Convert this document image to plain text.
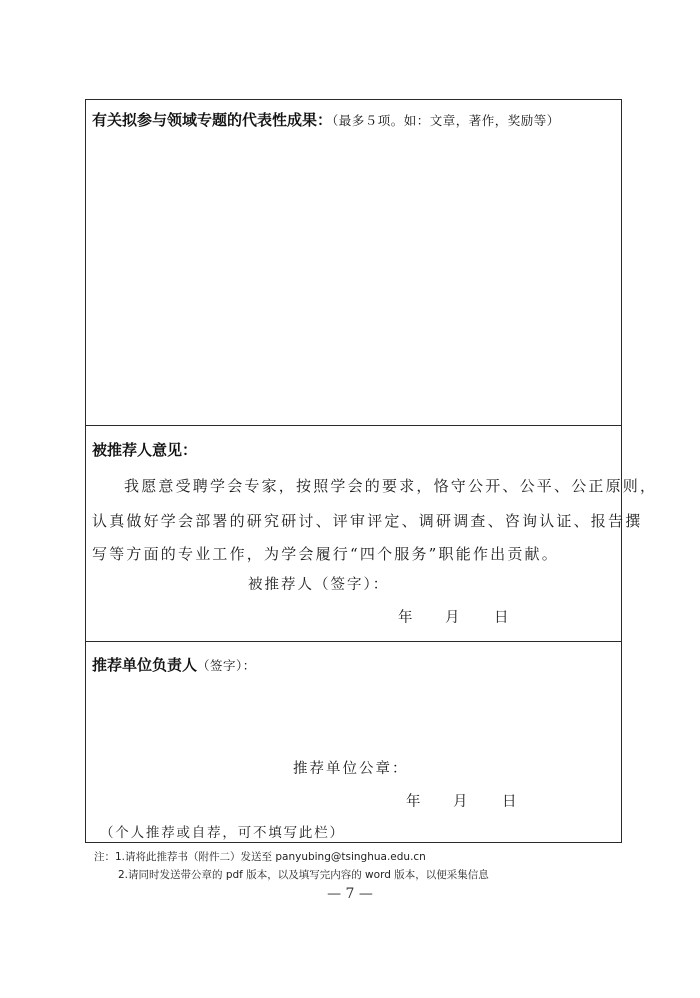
有关拟参与领域专题的代表性成果：（最多５项。如：文章，著作，奖励等）
被推荐人意见：
我愿意受聘学会专家，按照学会的要求，恪守公开、公平、公正原则，
认真做好学会部署的研究研讨、评审评定、调研调查、咨询认证、报告撰
写等方面的专业工作，为学会履行“四个服务”职能作出贡献。
被推荐人（签字）：
年 月 日
推荐单位负责人（签字）：
推荐单位公章：
年 月 日
（个人推荐或自荐，可不填写此栏）
注：1.请将此推荐书（附件二）发送至 panyubing@tsinghua.edu.cn
2.请同时发送带公章的 pdf 版本，以及填写完内容的 word 版本，以便采集信息
— 7 —
